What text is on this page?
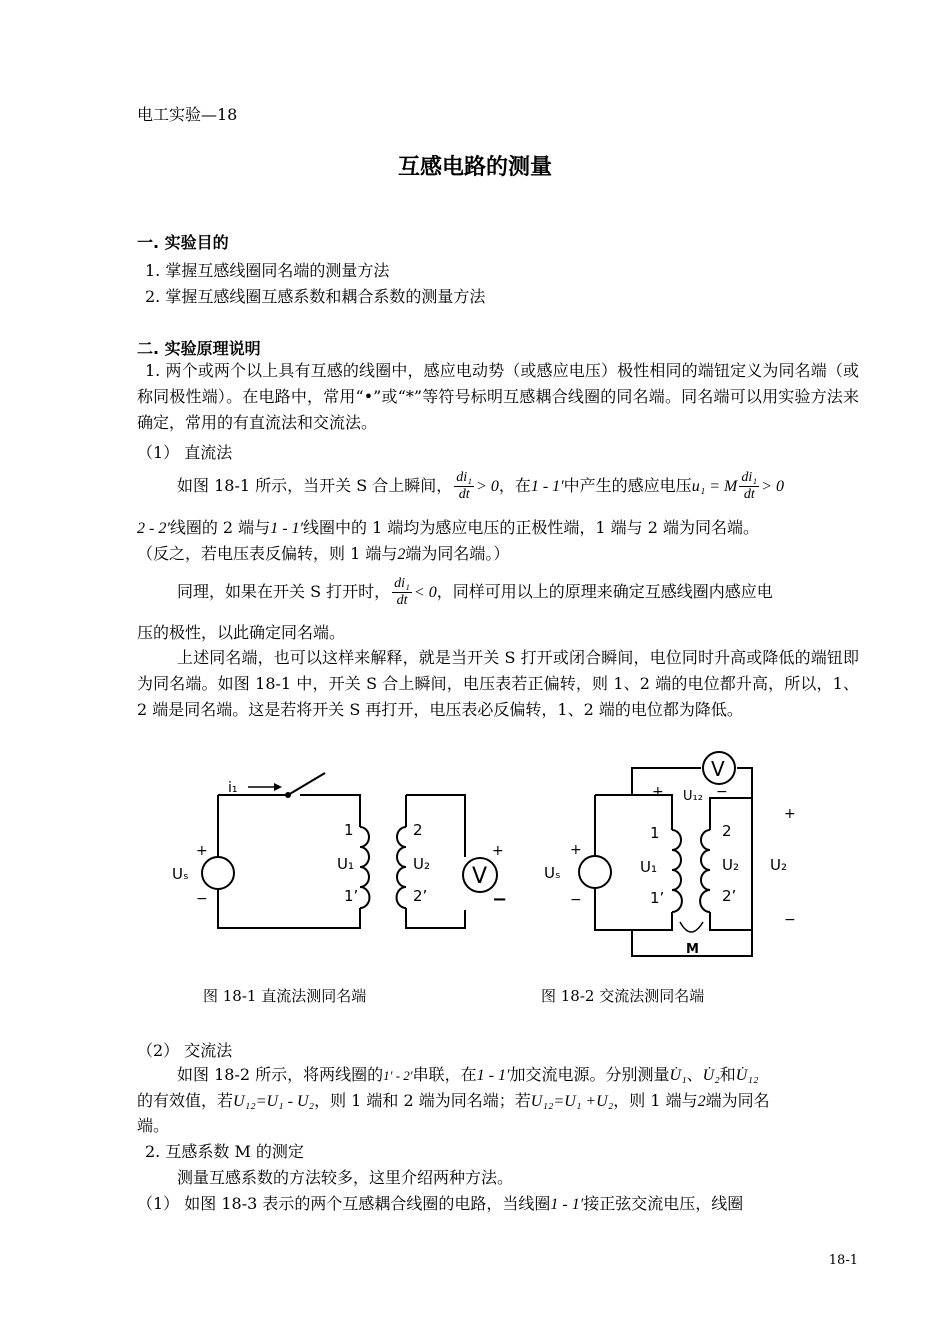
电工实验—18
互感电路的测量
一. 实验目的
1. 掌握互感线圈同名端的测量方法
2. 掌握互感线圈互感系数和耦合系数的测量方法
二. 实验原理说明
1. 两个或两个以上具有互感的线圈中，感应电动势（或感应电压）极性相同的端钮定义为同名端（或称同极性端）。在电路中，常用“•”或“*”等符号标明互感耦合线圈的同名端。同名端可以用实验方法来确定，常用的有直流法和交流法。
（1） 直流法
如图 18-1 所示，当开关 S 合上瞬间， $\frac{\text{di₁}}{dt} > 0$，在1 - 1′中产生的感应电压u₁ = M $\frac{\text{di₁}}{dt} > 0$
2 - 2′线圈的 2 端与1 - 1′线圈中的 1 端均为感应电压的正极性端，1 端与 2 端为同名端。
（反之，若电压表反偏转，则 1 端与2端为同名端。）
同理，如果在开关 S 打开时， $\frac{\text{di₁}}{dt} < 0$，同样可用以上的原理来确定互感线圈内感应电
压的极性，以此确定同名端。
上述同名端，也可以这样来解释，就是当开关 S 打开或闭合瞬间，电位同时升高或降低的端钮即为同名端。如图 18-1 中，开关 S 合上瞬间，电压表若正偏转，则 1、2 端的电位都升高，所以，1、2 端是同名端。这是若将开关 S 再打开，电压表必反偏转，1、2 端的电位都为降低。
i₁
+
−
Uₛ
1
U₁
1’
2
U₂
2’
V
+
−
图 18-1 直流法测同名端
V
+ U₁₂ −
+
−
Uₛ
1
U₁
1’
2
U₂
2’
U₂
+
−
M
图 18-2 交流法测同名端
（2） 交流法
如图 18-2 所示，将两线圈的1′ - 2′串联，在1 - 1′加交流电源。分别测量U̇₁、U̇₂和U̇₁₂
的有效值，若U₁₂=U₁ - U₂，则 1 端和 2 端为同名端；若U₁₂=U₁ +U₂，则 1 端与2端为同名
端。
2. 互感系数 M 的测定
测量互感系数的方法较多，这里介绍两种方法。
（1） 如图 18-3 表示的两个互感耦合线圈的电路，当线圈1 - 1′接正弦交流电压，线圈
18-1
